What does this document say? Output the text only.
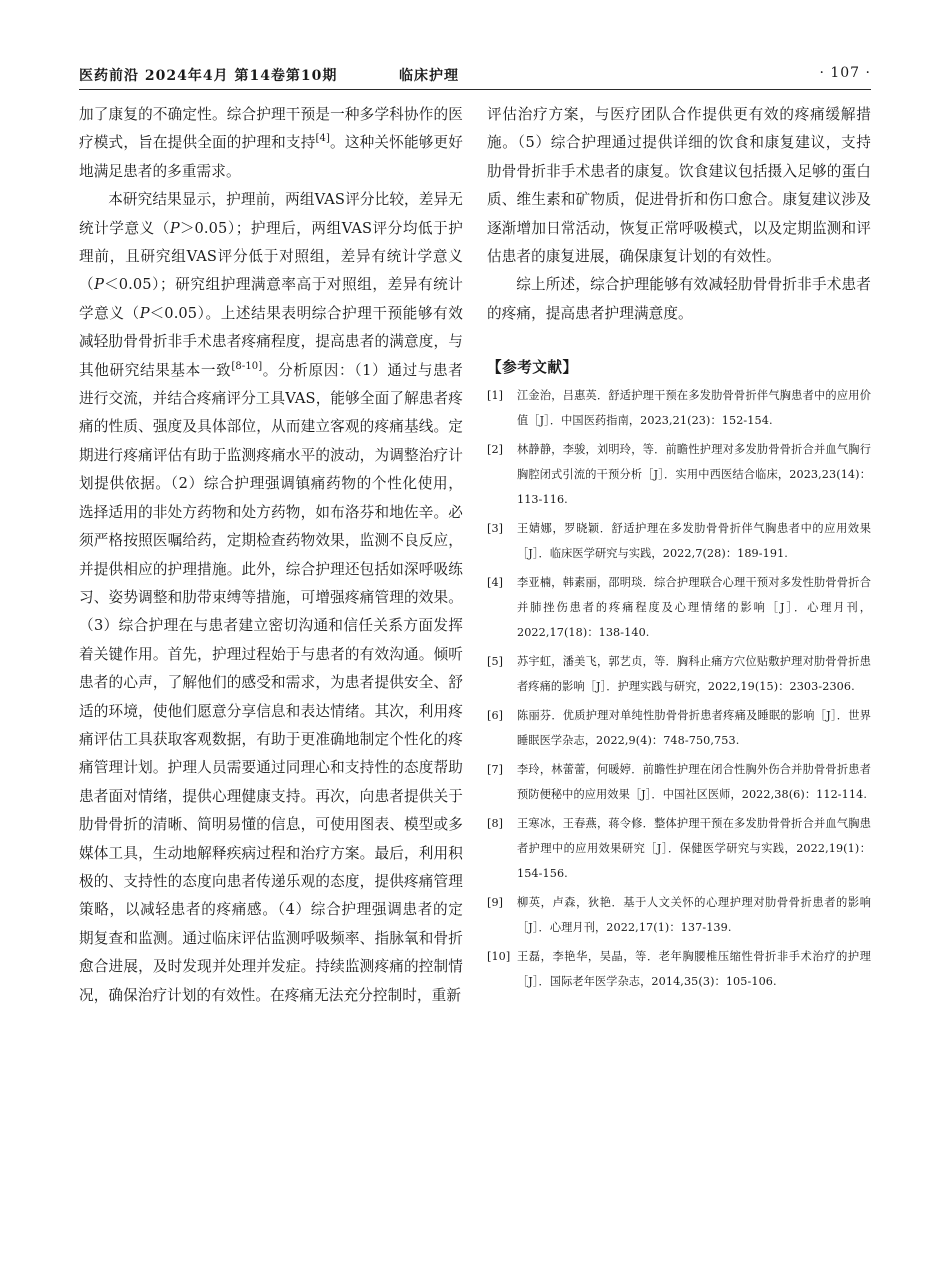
医药前沿 2024年4月 第14卷第10期	临床护理	· 107 ·

加了康复的不确定性。综合护理干预是一种多学科协作的医疗模式，旨在提供全面的护理和支持[4]。这种关怀能够更好地满足患者的多重需求。

本研究结果显示，护理前，两组VAS评分比较，差异无统计学意义（P＞0.05）；护理后，两组VAS评分均低于护理前，且研究组VAS评分低于对照组，差异有统计学意义（P＜0.05）；研究组护理满意率高于对照组，差异有统计学意义（P＜0.05）。上述结果表明综合护理干预能够有效减轻肋骨骨折非手术患者疼痛程度，提高患者的满意度，与其他研究结果基本一致[8-10]。分析原因：（1）通过与患者进行交流，并结合疼痛评分工具VAS，能够全面了解患者疼痛的性质、强度及具体部位，从而建立客观的疼痛基线。定期进行疼痛评估有助于监测疼痛水平的波动，为调整治疗计划提供依据。（2）综合护理强调镇痛药物的个性化使用，选择适用的非处方药物和处方药物，如布洛芬和地佐辛。必须严格按照医嘱给药，定期检查药物效果，监测不良反应，并提供相应的护理措施。此外，综合护理还包括如深呼吸练习、姿势调整和肋带束缚等措施，可增强疼痛管理的效果。（3）综合护理在与患者建立密切沟通和信任关系方面发挥着关键作用。首先，护理过程始于与患者的有效沟通。倾听患者的心声，了解他们的感受和需求，为患者提供安全、舒适的环境，使他们愿意分享信息和表达情绪。其次，利用疼痛评估工具获取客观数据，有助于更准确地制定个性化的疼痛管理计划。护理人员需要通过同理心和支持性的态度帮助患者面对情绪，提供心理健康支持。再次，向患者提供关于肋骨骨折的清晰、简明易懂的信息，可使用图表、模型或多媒体工具，生动地解释疾病过程和治疗方案。最后，利用积极的、支持性的态度向患者传递乐观的态度，提供疼痛管理策略，以减轻患者的疼痛感。（4）综合护理强调患者的定期复查和监测。通过临床评估监测呼吸频率、指脉氧和骨折愈合进展，及时发现并处理并发症。持续监测疼痛的控制情况，确保治疗计划的有效性。在疼痛无法充分控制时，重新

评估治疗方案，与医疗团队合作提供更有效的疼痛缓解措施。（5）综合护理通过提供详细的饮食和康复建议，支持肋骨骨折非手术患者的康复。饮食建议包括摄入足够的蛋白质、维生素和矿物质，促进骨折和伤口愈合。康复建议涉及逐渐增加日常活动，恢复正常呼吸模式，以及定期监测和评估患者的康复进展，确保康复计划的有效性。

综上所述，综合护理能够有效减轻肋骨骨折非手术患者的疼痛，提高患者护理满意度。

【参考文献】
[1] 江金治，吕惠英．舒适护理干预在多发肋骨骨折伴气胸患者中的应用价值［J］．中国医药指南，2023,21(23)：152-154.
[2] 林静静，李骏，刘明玲，等．前瞻性护理对多发肋骨骨折合并血气胸行胸腔闭式引流的干预分析［J］．实用中西医结合临床，2023,23(14)：113-116.
[3] 王婧娜，罗晓颖．舒适护理在多发肋骨骨折伴气胸患者中的应用效果［J］．临床医学研究与实践，2022,7(28)：189-191.
[4] 李亚楠，韩素丽，邵明琰．综合护理联合心理干预对多发性肋骨骨折合并肺挫伤患者的疼痛程度及心理情绪的影响［J］．心理月刊，2022,17(18)：138-140.
[5] 苏宇虹，潘美飞，郭艺贞，等．胸科止痛方穴位贴敷护理对肋骨骨折患者疼痛的影响［J］．护理实践与研究，2022,19(15)：2303-2306.
[6] 陈丽芬．优质护理对单纯性肋骨骨折患者疼痛及睡眠的影响［J］．世界睡眠医学杂志，2022,9(4)：748-750,753.
[7] 李玲，林蕾蕾，何暖婷．前瞻性护理在闭合性胸外伤合并肋骨骨折患者预防便秘中的应用效果［J］．中国社区医师，2022,38(6)：112-114.
[8] 王寒冰，王春燕，蒋令修．整体护理干预在多发肋骨骨折合并血气胸患者护理中的应用效果研究［J］．保健医学研究与实践，2022,19(1)：154-156.
[9] 柳英，卢森，狄艳．基于人文关怀的心理护理对肋骨骨折患者的影响［J］．心理月刊，2022,17(1)：137-139.
[10] 王磊，李艳华，吴晶，等．老年胸腰椎压缩性骨折非手术治疗的护理［J］．国际老年医学杂志，2014,35(3)：105-106.
